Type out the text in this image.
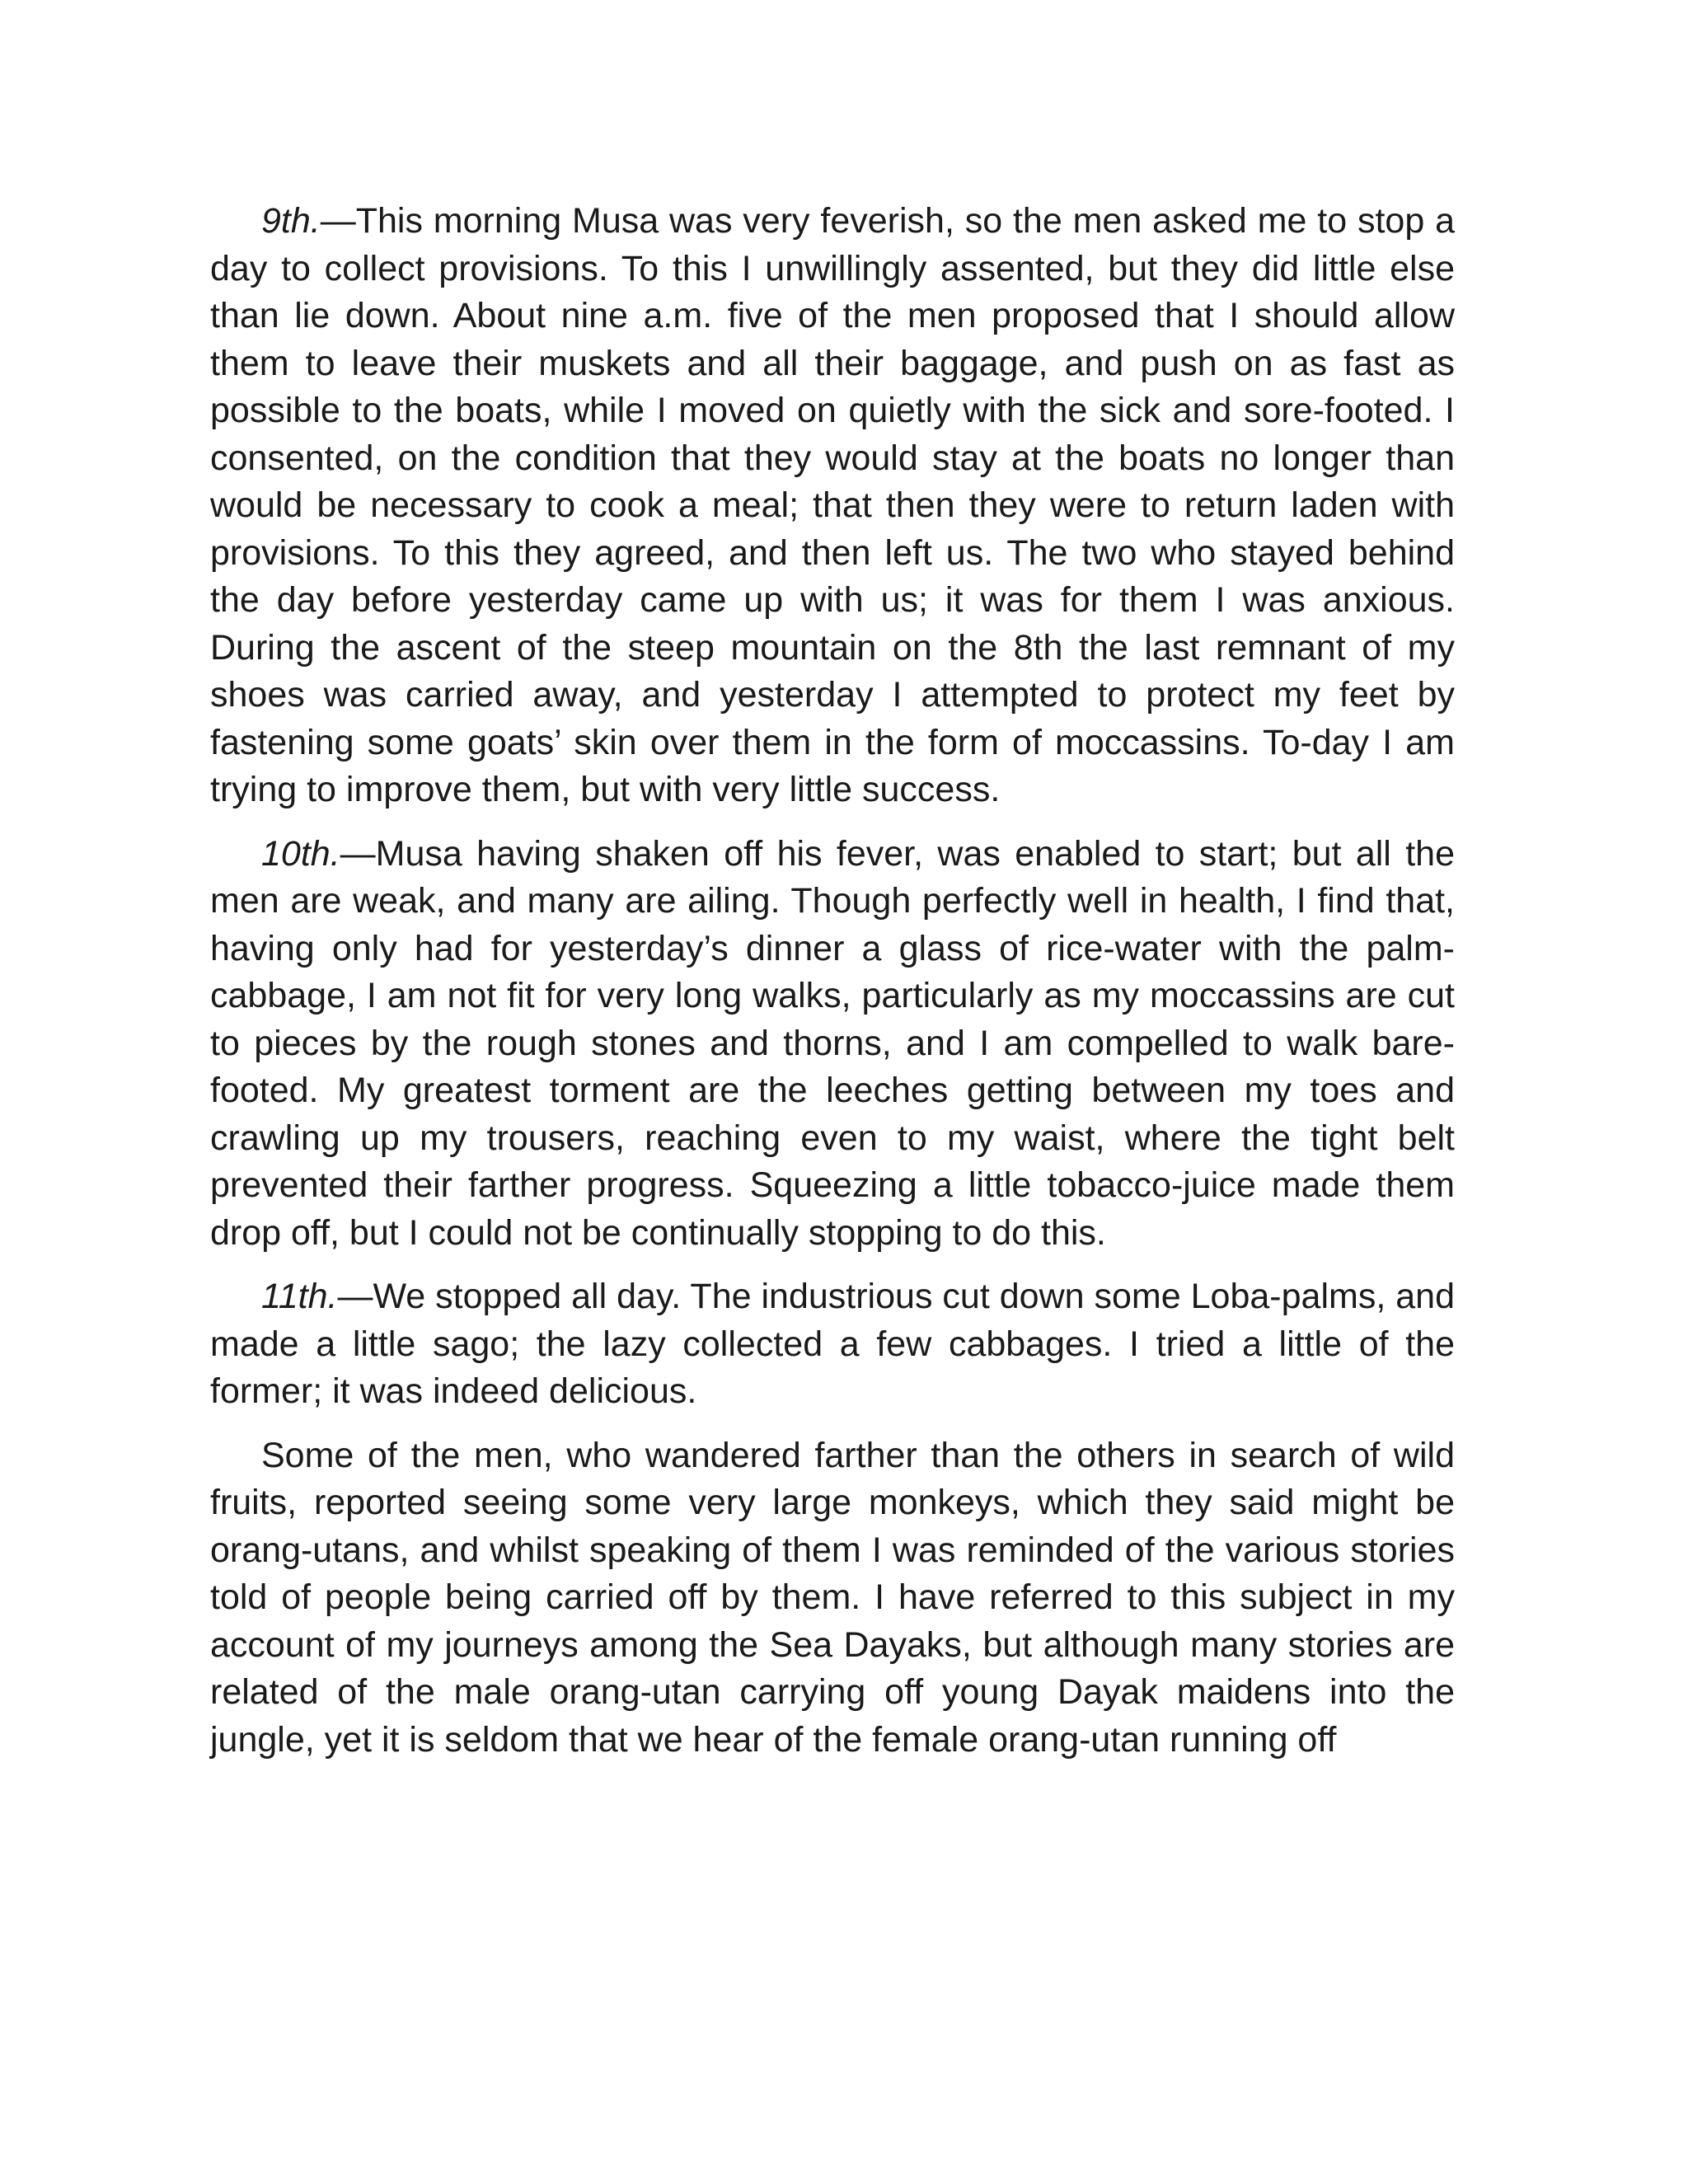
9th.—This morning Musa was very feverish, so the men asked me to stop a day to collect provisions. To this I unwillingly assented, but they did little else than lie down. About nine a.m. five of the men proposed that I should allow them to leave their muskets and all their baggage, and push on as fast as possible to the boats, while I moved on quietly with the sick and sore-footed. I consented, on the condition that they would stay at the boats no longer than would be necessary to cook a meal; that then they were to return laden with provisions. To this they agreed, and then left us. The two who stayed behind the day before yesterday came up with us; it was for them I was anxious. During the ascent of the steep mountain on the 8th the last remnant of my shoes was carried away, and yesterday I attempted to protect my feet by fastening some goats’ skin over them in the form of moccassins. To-day I am trying to improve them, but with very little success.

10th.—Musa having shaken off his fever, was enabled to start; but all the men are weak, and many are ailing. Though perfectly well in health, I find that, having only had for yesterday’s dinner a glass of rice-water with the palm-cabbage, I am not fit for very long walks, particularly as my moccassins are cut to pieces by the rough stones and thorns, and I am compelled to walk bare-footed. My greatest torment are the leeches getting between my toes and crawling up my trousers, reaching even to my waist, where the tight belt prevented their farther progress. Squeezing a little tobacco-juice made them drop off, but I could not be continually stopping to do this.

11th.—We stopped all day. The industrious cut down some Loba-palms, and made a little sago; the lazy collected a few cabbages. I tried a little of the former; it was indeed delicious.

Some of the men, who wandered farther than the others in search of wild fruits, reported seeing some very large monkeys, which they said might be orang-utans, and whilst speaking of them I was reminded of the various stories told of people being carried off by them. I have referred to this subject in my account of my journeys among the Sea Dayaks, but although many stories are related of the male orang-utan carrying off young Dayak maidens into the jungle, yet it is seldom that we hear of the female orang-utan running off
